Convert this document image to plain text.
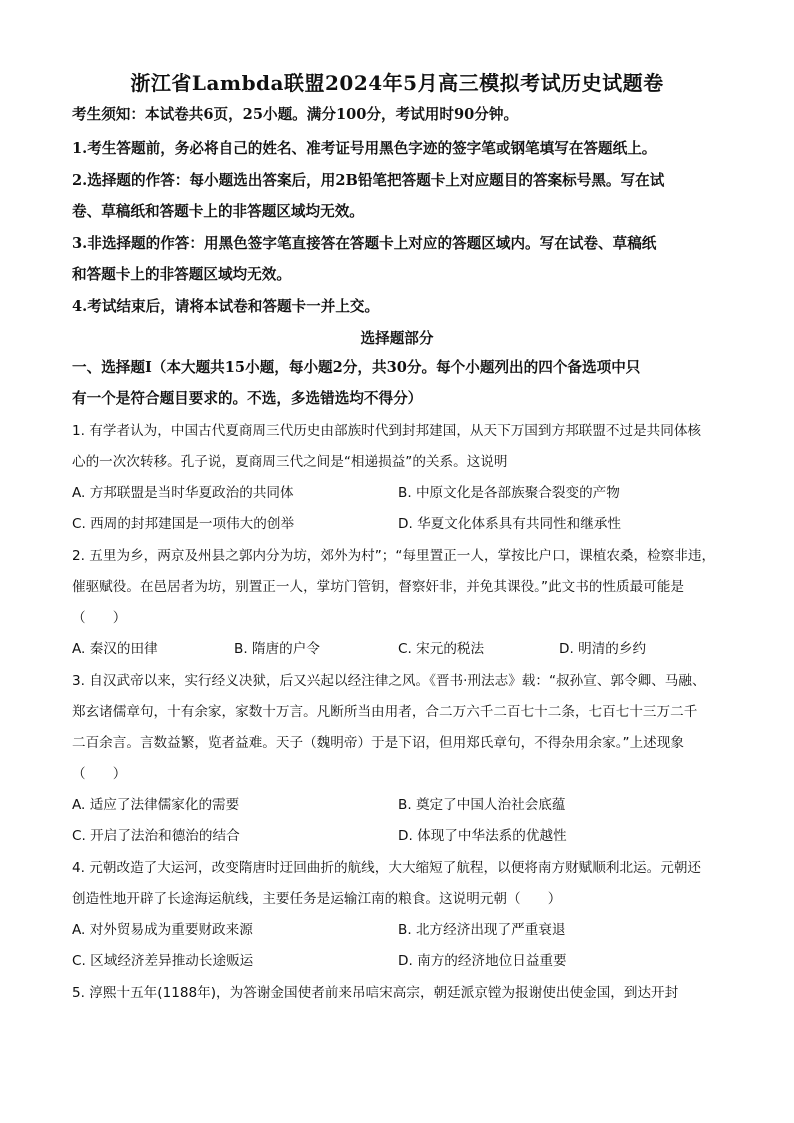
浙江省Lambda联盟2024年5月高三模拟考试历史试题卷
考生须知：本试卷共6页，25小题。满分100分，考试用时90分钟。
1.考生答题前，务必将自己的姓名、准考证号用黑色字迹的签字笔或钢笔填写在答题纸上。
2.选择题的作答：每小题选出答案后，用2B铅笔把答题卡上对应题目的答案标号黑。写在试
卷、草稿纸和答题卡上的非答题区域均无效。
3.非选择题的作答：用黑色签字笔直接答在答题卡上对应的答题区域内。写在试卷、草稿纸
和答题卡上的非答题区域均无效。
4.考试结束后，请将本试卷和答题卡一并上交。
选择题部分
一、选择题Ⅰ（本大题共15小题，每小题2分，共30分。每个小题列出的四个备选项中只
有一个是符合题目要求的。不选，多选错选均不得分）
1. 有学者认为，中国古代夏商周三代历史由部族时代到封邦建国，从天下万国到方邦联盟不过是共同体核
心的一次次转移。孔子说，夏商周三代之间是“相递损益”的关系。这说明
A. 方邦联盟是当时华夏政治的共同体	B. 中原文化是各部族聚合裂变的产物
C. 西周的封邦建国是一项伟大的创举	D. 华夏文化体系具有共同性和继承性
2. 五里为乡，两京及州县之郭内分为坊，郊外为村”；“每里置正一人，掌按比户口，课植农桑，检察非违，
催驱赋役。在邑居者为坊，别置正一人，掌坊门管钥，督察奸非，并免其课役。”此文书的性质最可能是
（　　）
A. 秦汉的田律	B. 隋唐的户令	C. 宋元的税法	D. 明清的乡约
3. 自汉武帝以来，实行经义决狱，后又兴起以经注律之风。《晋书·刑法志》载：“叔孙宣、郭令卿、马融、
郑玄诸儒章句，十有余家，家数十万言。凡断所当由用者，合二万六千二百七十二条，七百七十三万二千
二百余言。言数益繁，览者益难。天子（魏明帝）于是下诏，但用郑氏章句，不得杂用余家。”上述现象
（　　）
A. 适应了法律儒家化的需要	B. 奠定了中国人治社会底蕴
C. 开启了法治和德治的结合	D. 体现了中华法系的优越性
4. 元朝改造了大运河，改变隋唐时迂回曲折的航线，大大缩短了航程，以便将南方财赋顺利北运。元朝还
创造性地开辟了长途海运航线，主要任务是运输江南的粮食。这说明元朝（　　）
A. 对外贸易成为重要财政来源	B. 北方经济出现了严重衰退
C. 区域经济差异推动长途贩运	D. 南方的经济地位日益重要
5. 淳熙十五年(1188年)，为答谢金国使者前来吊唁宋高宗，朝廷派京镗为报谢使出使金国，到达开封
